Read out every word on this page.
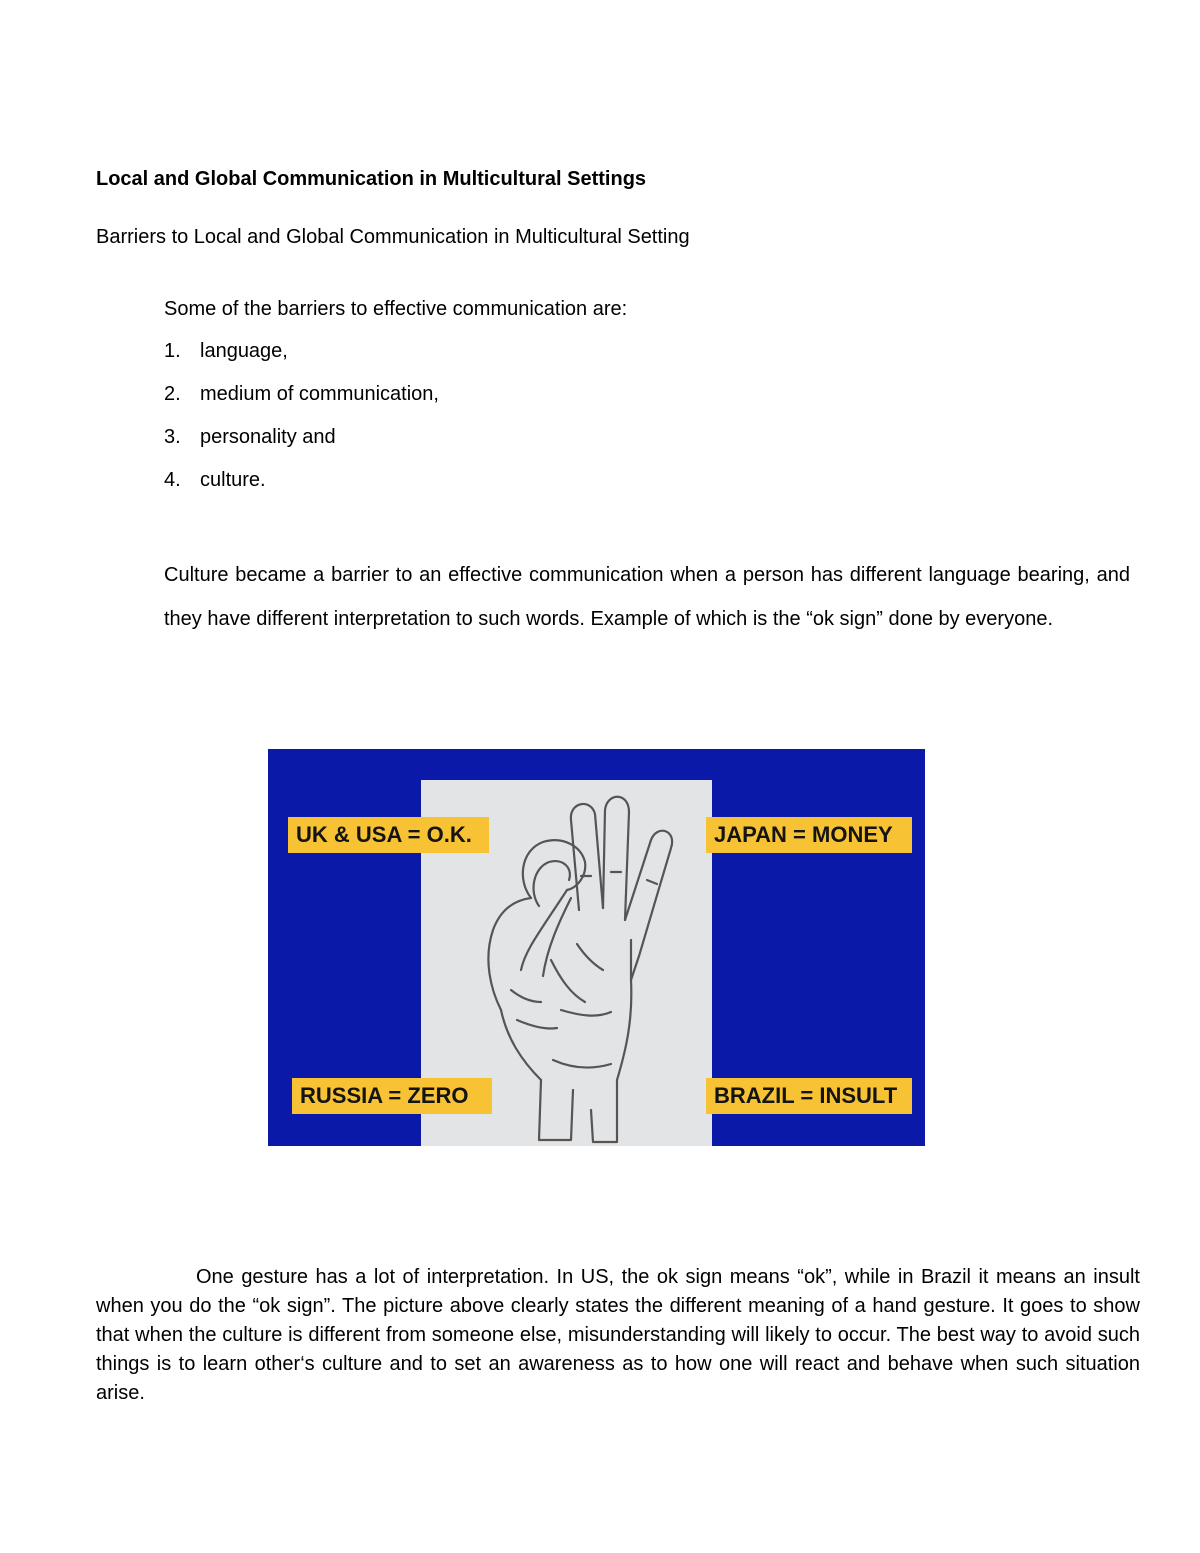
Local and Global Communication in Multicultural Settings
Barriers to Local and Global Communication in Multicultural Setting
Some of the barriers to effective communication are:
1. language,
2. medium of communication,
3. personality and
4. culture.

Culture became a barrier to an effective communication when a person has different language bearing, and they have different interpretation to such words. Example of which is the “ok sign” done by everyone.

UK & USA = O.K.	JAPAN = MONEY
RUSSIA = ZERO	BRAZIL = INSULT

One gesture has a lot of interpretation. In US, the ok sign means “ok”, while in Brazil it means an insult when you do the “ok sign”. The picture above clearly states the different meaning of a hand gesture. It goes to show that when the culture is different from someone else, misunderstanding will likely to occur. The best way to avoid such things is to learn other‘s culture and to set an awareness as to how one will react and behave when such situation arise.
